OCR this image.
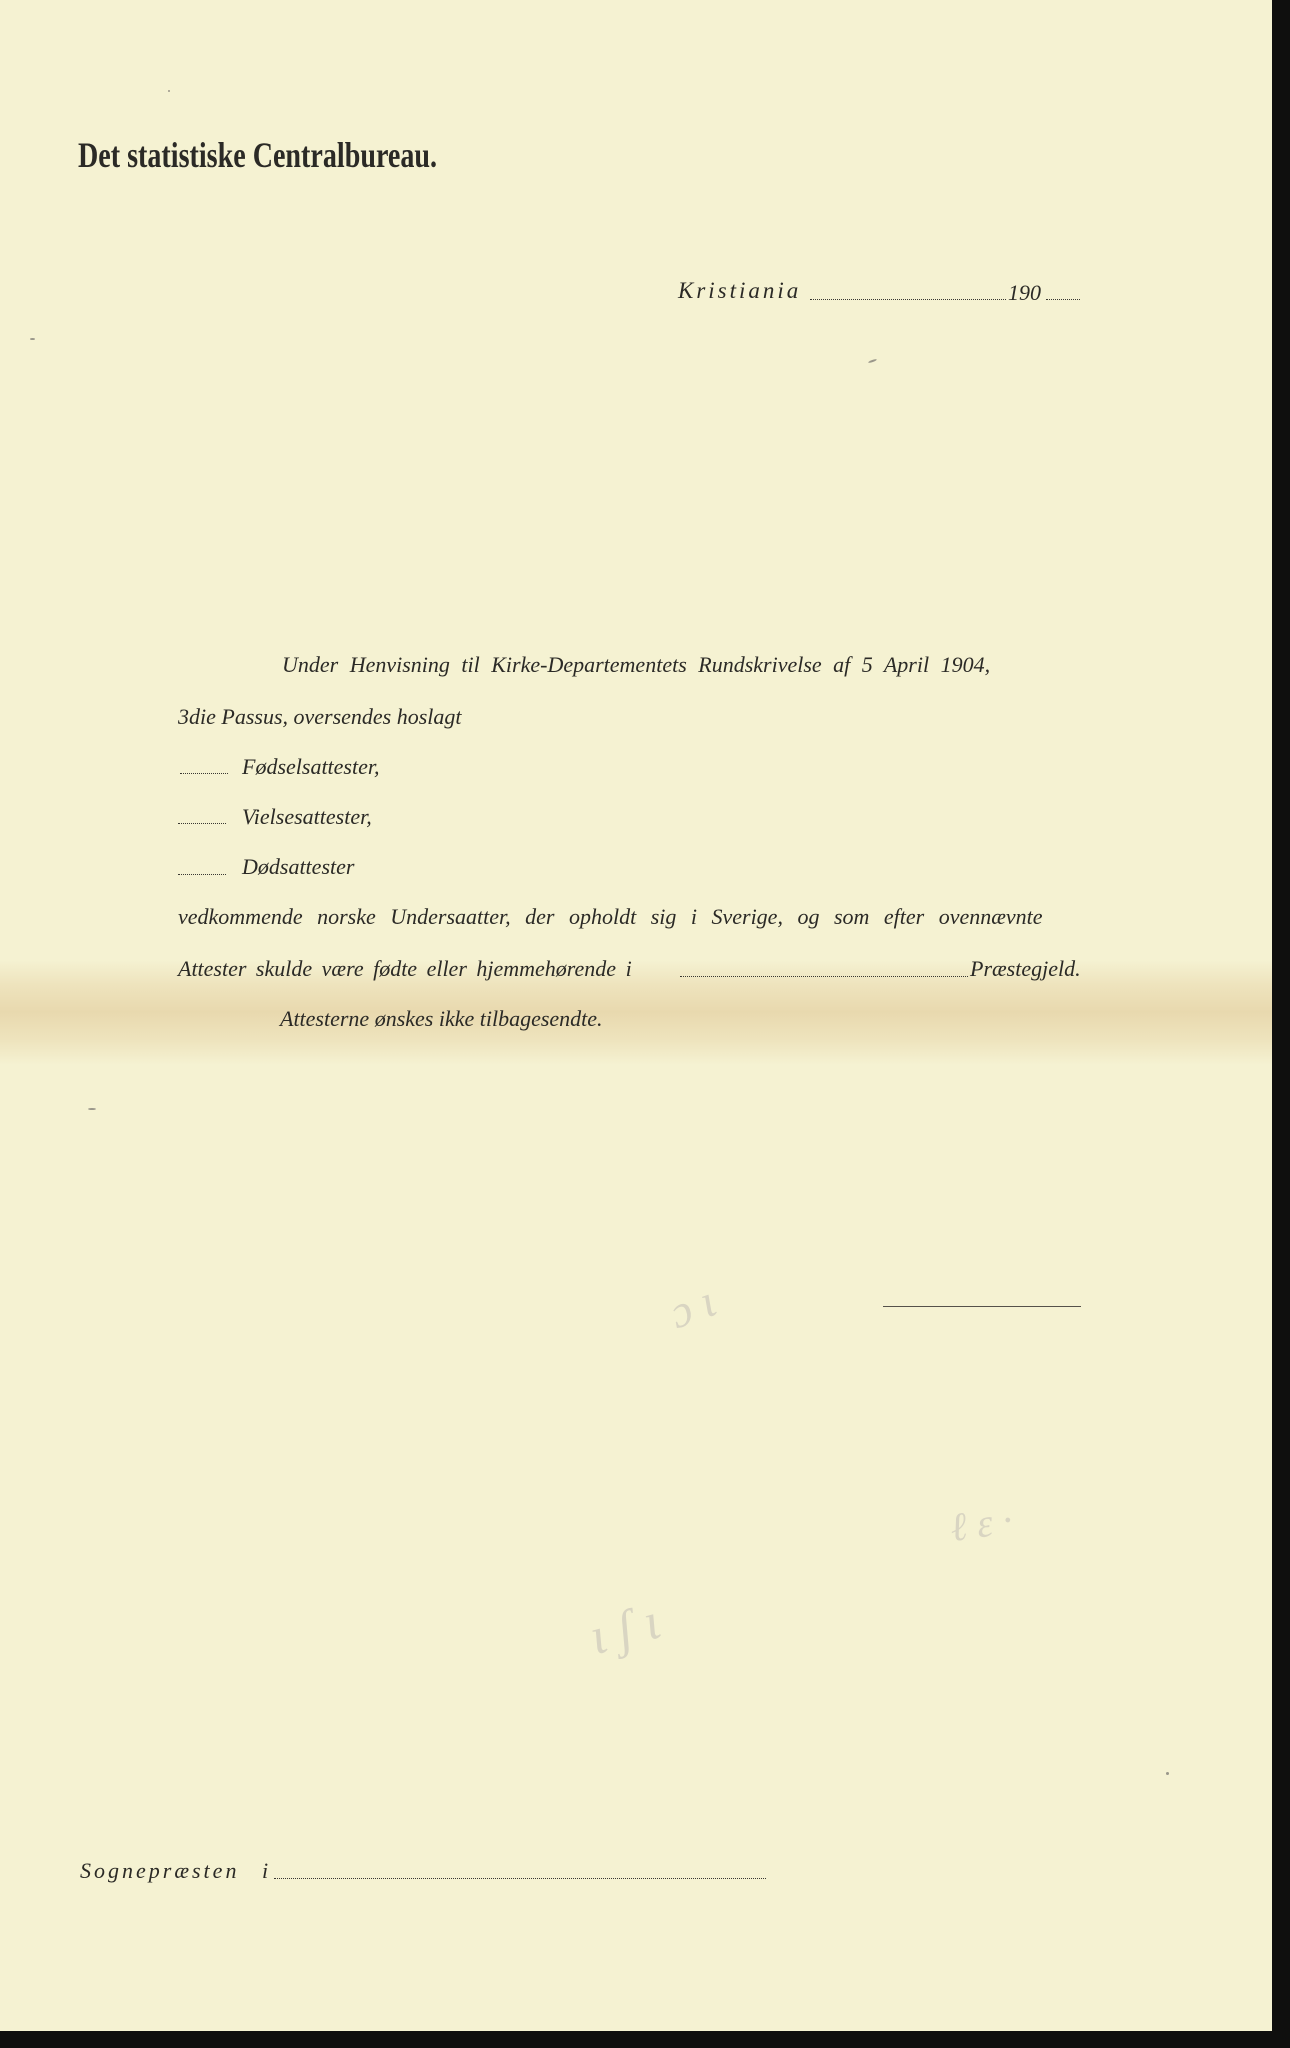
Det statistiske Centralbureau.
Kristiania	190
Under Henvisning til Kirke-Departementets Rundskrivelse af 5 April 1904,
3die Passus, oversendes hoslagt
Fødselsattester,
Vielsesattester,
Dødsattester
vedkommende norske Undersaatter, der opholdt sig i Sverige, og som efter ovennævnte
Attester skulde være fødte eller hjemmehørende i	Præstegjeld.
Attesterne ønskes ikke tilbagesendte.
ɔ ɩ
ℓ ɛ ·
ɩ ʃ ɩ
Sognepræsten i
